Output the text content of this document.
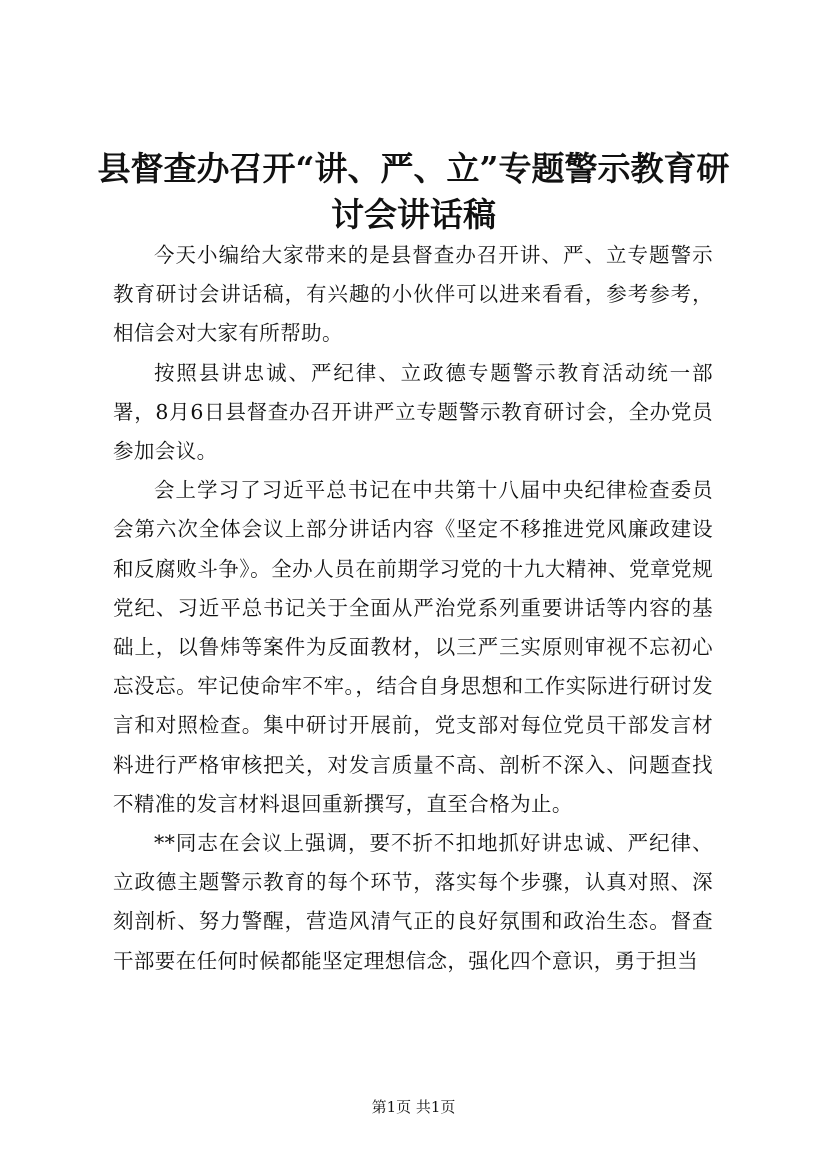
县督查办召开“讲、严、立”专题警示教育研讨会讲话稿

今天小编给大家带来的是县督查办召开讲、严、立专题警示教育研讨会讲话稿，有兴趣的小伙伴可以进来看看，参考参考，相信会对大家有所帮助。

按照县讲忠诚、严纪律、立政德专题警示教育活动统一部署，8月6日县督查办召开讲严立专题警示教育研讨会，全办党员参加会议。

会上学习了习近平总书记在中共第十八届中央纪律检查委员会第六次全体会议上部分讲话内容《坚定不移推进党风廉政建设和反腐败斗争》。全办人员在前期学习党的十九大精神、党章党规党纪、习近平总书记关于全面从严治党系列重要讲话等内容的基础上，以鲁炜等案件为反面教材，以三严三实原则审视不忘初心忘没忘。牢记使命牢不牢。，结合自身思想和工作实际进行研讨发言和对照检查。集中研讨开展前，党支部对每位党员干部发言材料进行严格审核把关，对发言质量不高、剖析不深入、问题查找不精准的发言材料退回重新撰写，直至合格为止。

**同志在会议上强调，要不折不扣地抓好讲忠诚、严纪律、立政德主题警示教育的每个环节，落实每个步骤，认真对照、深刻剖析、努力警醒，营造风清气正的良好氛围和政治生态。督查干部要在任何时候都能坚定理想信念，强化四个意识，勇于担当

第1页 共1页
